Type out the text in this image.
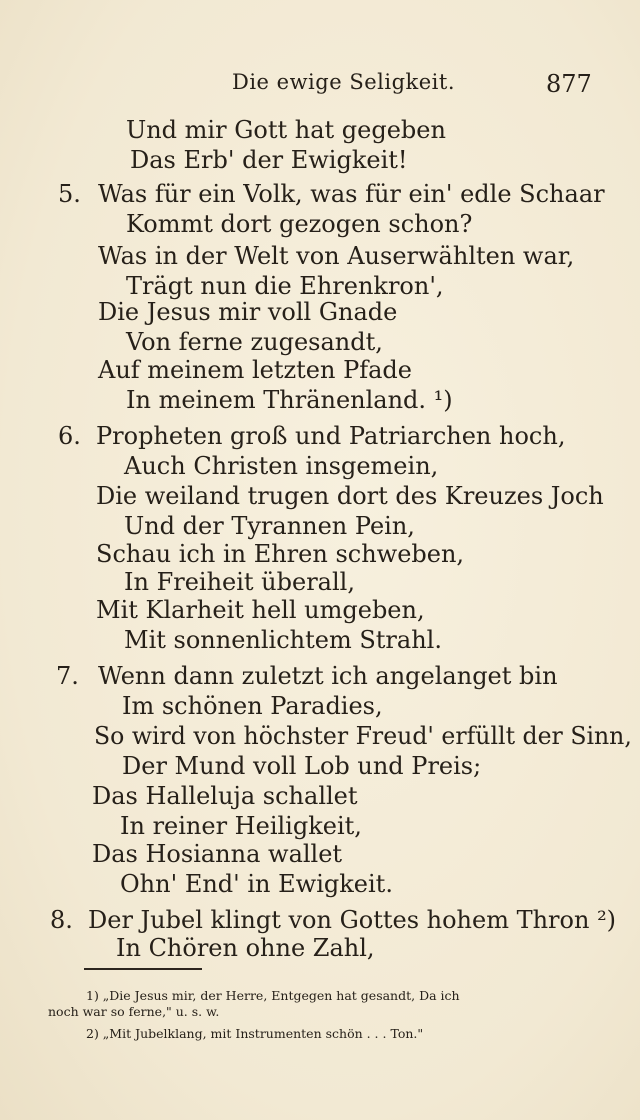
Die ewige Seligkeit.	877
Und mir Gott hat gegeben
Das Erb' der Ewigkeit!
5. Was für ein Volk, was für ein' edle Schaar
Kommt dort gezogen schon?
Was in der Welt von Auserwählten war,
Trägt nun die Ehrenkron',
Die Jesus mir voll Gnade
Von ferne zugesandt,
Auf meinem letzten Pfade
In meinem Thränenland. ¹)
6. Propheten groß und Patriarchen hoch,
Auch Christen insgemein,
Die weiland trugen dort des Kreuzes Joch
Und der Tyrannen Pein,
Schau ich in Ehren schweben,
In Freiheit überall,
Mit Klarheit hell umgeben,
Mit sonnenlichtem Strahl.
7. Wenn dann zuletzt ich angelanget bin
Im schönen Paradies,
So wird von höchster Freud' erfüllt der Sinn,
Der Mund voll Lob und Preis;
Das Halleluja schallet
In reiner Heiligkeit,
Das Hosianna wallet
Ohn' End' in Ewigkeit.
8. Der Jubel klingt von Gottes hohem Thron ²)
In Chören ohne Zahl,
1) „Die Jesus mir, der Herre, Entgegen hat gesandt, Da ich
noch war so ferne," u. s. w.
2) „Mit Jubelklang, mit Instrumenten schön . . . Ton."
